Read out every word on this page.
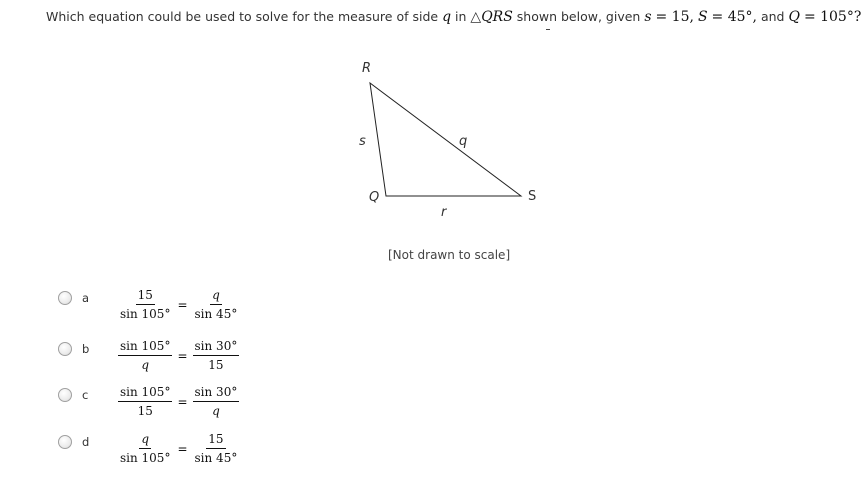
Which equation could be used to solve for the measure of side q in △QRS shown below, given s = 15, S = 45°, and Q = 105°?
R
Q	S
s	q
r
[Not drawn to scale]
a $\frac{15}{\sin 105^\circ} = \frac{q}{\sin 45^\circ}$
b $\frac{\sin 105^\circ}{q} = \frac{\sin 30^\circ}{15}$
c $\frac{\sin 105^\circ}{15} = \frac{\sin 30^\circ}{q}$
d $\frac{q}{\sin 105^\circ} = \frac{15}{\sin 45^\circ}$
